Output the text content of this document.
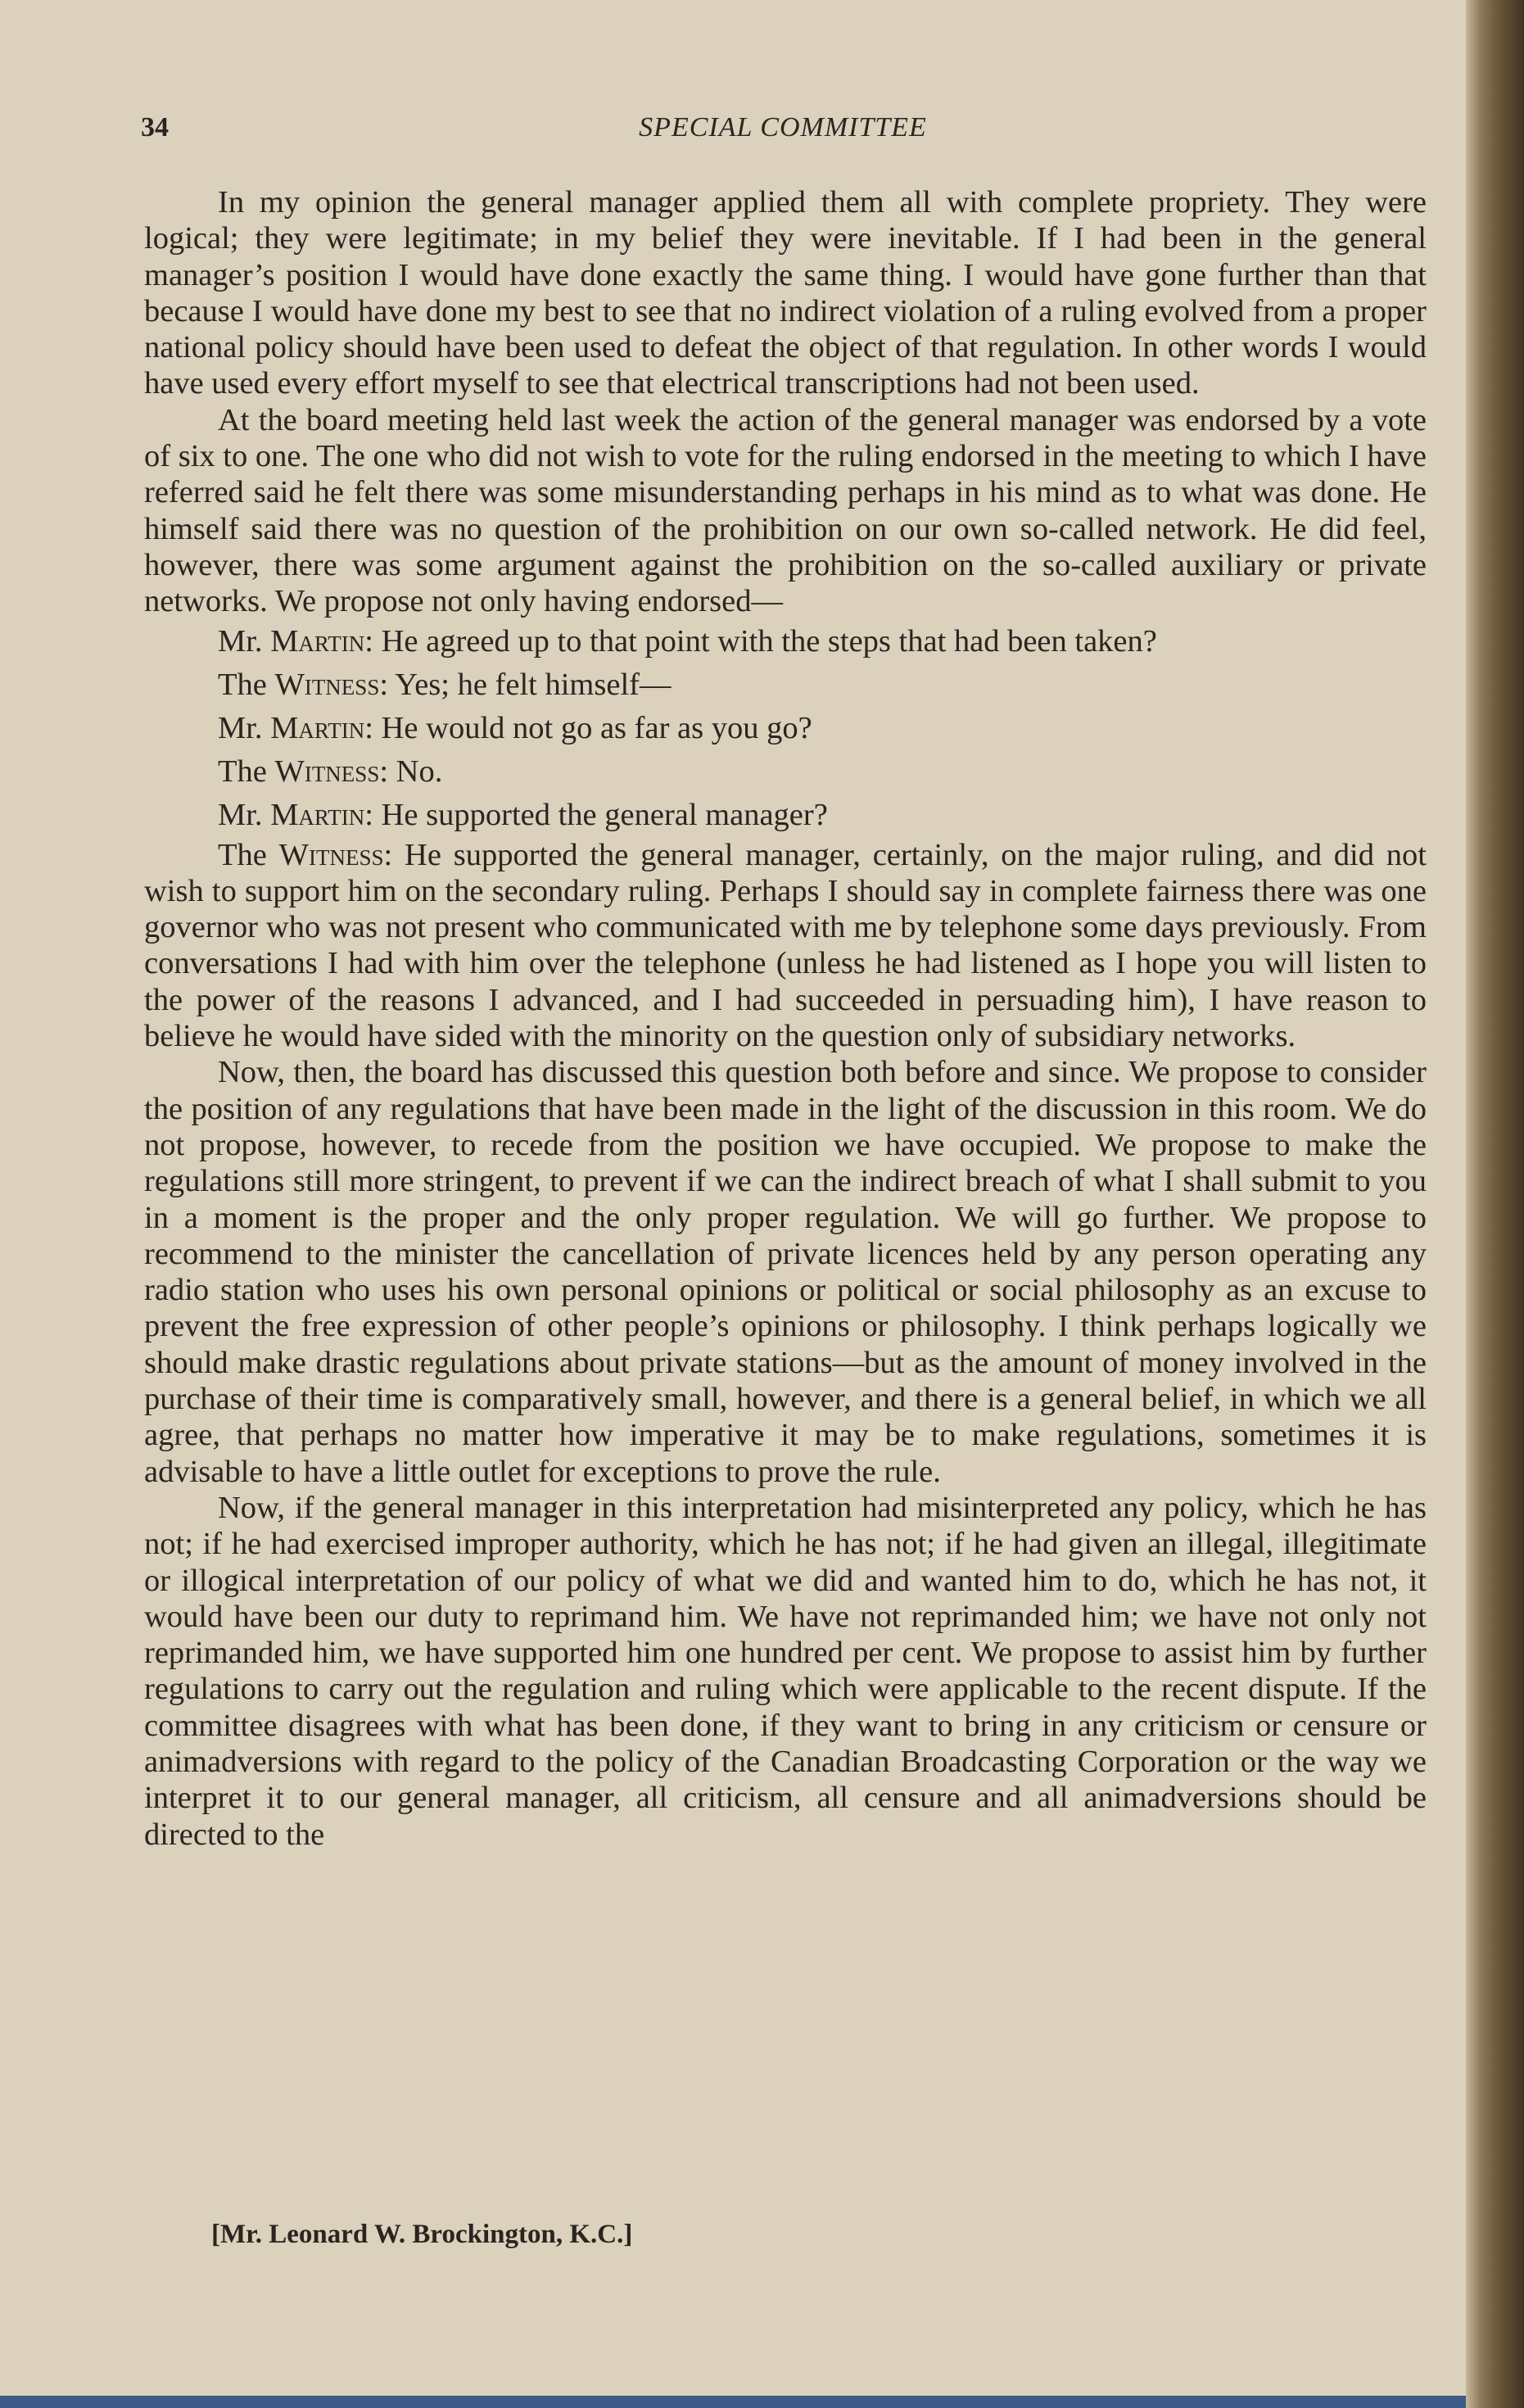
34	SPECIAL COMMITTEE

In my opinion the general manager applied them all with complete propriety. They were logical; they were legitimate; in my belief they were inevitable. If I had been in the general manager’s position I would have done exactly the same thing. I would have gone further than that because I would have done my best to see that no indirect violation of a ruling evolved from a proper national policy should have been used to defeat the object of that regulation. In other words I would have used every effort myself to see that electrical transcriptions had not been used.

At the board meeting held last week the action of the general manager was endorsed by a vote of six to one. The one who did not wish to vote for the ruling endorsed in the meeting to which I have referred said he felt there was some misunderstanding perhaps in his mind as to what was done. He himself said there was no question of the prohibition on our own so-called network. He did feel, however, there was some argument against the prohibition on the so-called auxiliary or private networks. We propose not only having endorsed—

Mr. Martin: He agreed up to that point with the steps that had been taken?

The Witness: Yes; he felt himself—

Mr. Martin: He would not go as far as you go?

The Witness: No.

Mr. Martin: He supported the general manager?

The Witness: He supported the general manager, certainly, on the major ruling, and did not wish to support him on the secondary ruling. Perhaps I should say in complete fairness there was one governor who was not present who communicated with me by telephone some days previously. From conversations I had with him over the telephone (unless he had listened as I hope you will listen to the power of the reasons I advanced, and I had succeeded in persuading him), I have reason to believe he would have sided with the minority on the question only of subsidiary networks.

Now, then, the board has discussed this question both before and since. We propose to consider the position of any regulations that have been made in the light of the discussion in this room. We do not propose, however, to recede from the position we have occupied. We propose to make the regulations still more stringent, to prevent if we can the indirect breach of what I shall submit to you in a moment is the proper and the only proper regulation. We will go further. We propose to recommend to the minister the cancellation of private licences held by any person operating any radio station who uses his own personal opinions or political or social philosophy as an excuse to prevent the free expression of other people’s opinions or philosophy. I think perhaps logically we should make drastic regulations about private stations—but as the amount of money involved in the purchase of their time is comparatively small, however, and there is a general belief, in which we all agree, that perhaps no matter how imperative it may be to make regulations, sometimes it is advisable to have a little outlet for exceptions to prove the rule.

Now, if the general manager in this interpretation had misinterpreted any policy, which he has not; if he had exercised improper authority, which he has not; if he had given an illegal, illegitimate or illogical interpretation of our policy of what we did and wanted him to do, which he has not, it would have been our duty to reprimand him. We have not reprimanded him; we have not only not reprimanded him, we have supported him one hundred per cent. We propose to assist him by further regulations to carry out the regulation and ruling which were applicable to the recent dispute. If the committee disagrees with what has been done, if they want to bring in any criticism or censure or animadversions with regard to the policy of the Canadian Broadcasting Corporation or the way we interpret it to our general manager, all criticism, all censure and all animadversions should be directed to the

[Mr. Leonard W. Brockington, K.C.]
